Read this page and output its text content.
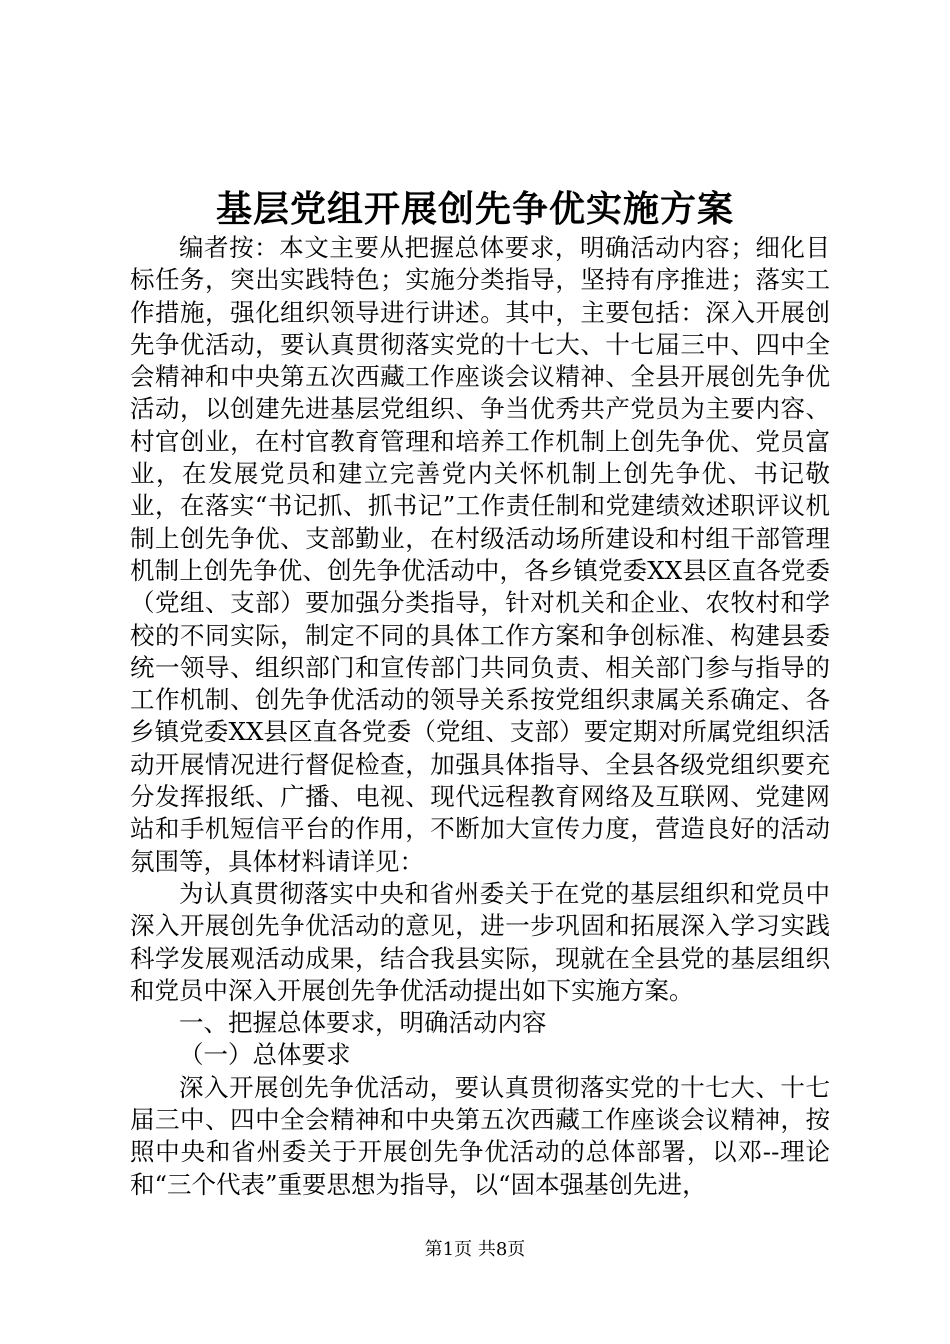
基层党组开展创先争优实施方案

编者按：本文主要从把握总体要求，明确活动内容；细化目标任务，突出实践特色；实施分类指导，坚持有序推进；落实工作措施，强化组织领导进行讲述。其中，主要包括：深入开展创先争优活动，要认真贯彻落实党的十七大、十七届三中、四中全会精神和中央第五次西藏工作座谈会议精神、全县开展创先争优活动，以创建先进基层党组织、争当优秀共产党员为主要内容、村官创业，在村官教育管理和培养工作机制上创先争优、党员富业，在发展党员和建立完善党内关怀机制上创先争优、书记敬业，在落实“书记抓、抓书记”工作责任制和党建绩效述职评议机制上创先争优、支部勤业，在村级活动场所建设和村组干部管理机制上创先争优、创先争优活动中，各乡镇党委XX县区直各党委（党组、支部）要加强分类指导，针对机关和企业、农牧村和学校的不同实际，制定不同的具体工作方案和争创标准、构建县委统一领导、组织部门和宣传部门共同负责、相关部门参与指导的工作机制、创先争优活动的领导关系按党组织隶属关系确定、各乡镇党委XX县区直各党委（党组、支部）要定期对所属党组织活动开展情况进行督促检查，加强具体指导、全县各级党组织要充分发挥报纸、广播、电视、现代远程教育网络及互联网、党建网站和手机短信平台的作用，不断加大宣传力度，营造良好的活动氛围等，具体材料请详见：

为认真贯彻落实中央和省州委关于在党的基层组织和党员中深入开展创先争优活动的意见，进一步巩固和拓展深入学习实践科学发展观活动成果，结合我县实际，现就在全县党的基层组织和党员中深入开展创先争优活动提出如下实施方案。

一、把握总体要求，明确活动内容

（一）总体要求

深入开展创先争优活动，要认真贯彻落实党的十七大、十七届三中、四中全会精神和中央第五次西藏工作座谈会议精神，按照中央和省州委关于开展创先争优活动的总体部署，以邓--理论和“三个代表”重要思想为指导，以“固本强基创先进，

第1页 共8页
